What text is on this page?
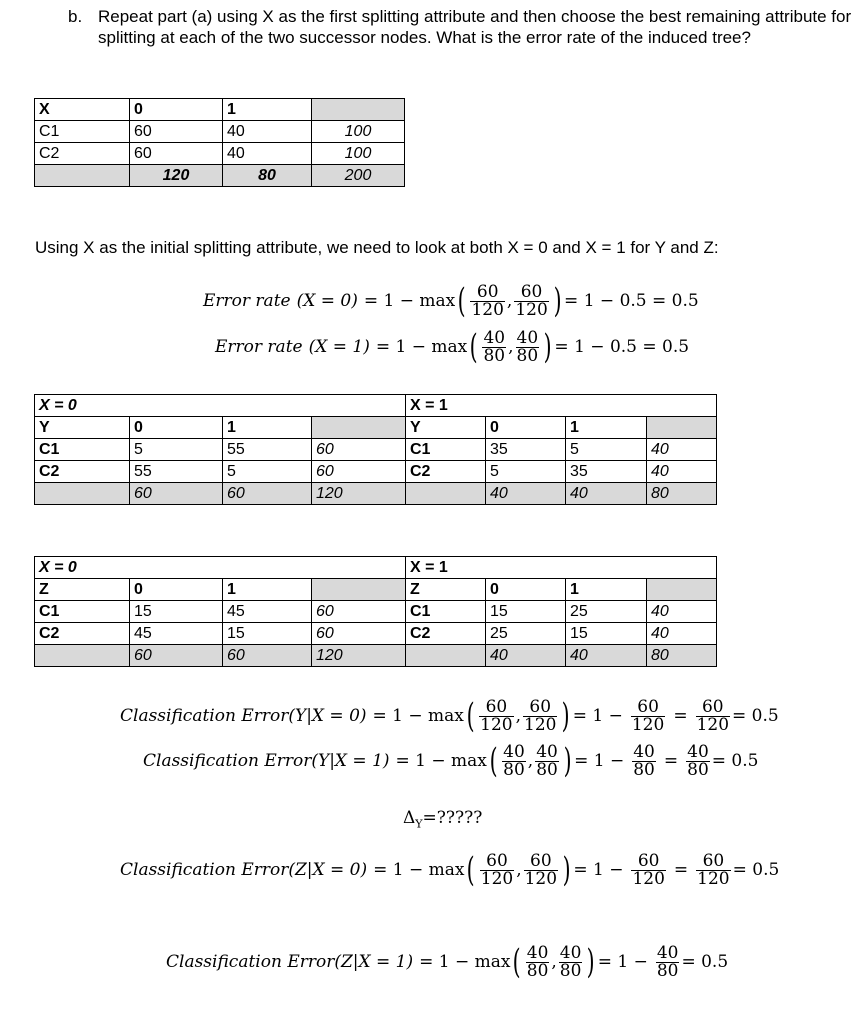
b. Repeat part (a) using X as the first splitting attribute and then choose the best remaining attribute for splitting at each of the two successor nodes. What is the error rate of the induced tree?
X	0	1	
C1	60	40	100
C2	60	40	100
	120	80	200
Using X as the initial splitting attribute, we need to look at both X = 0 and X = 1 for Y and Z:
Error rate (X = 0) = 1 − max ( $\frac{60}{120}$ , $\frac{60}{120}$ ) = 1 − 0.5 = 0.5
Error rate (X = 1) = 1 − max ( $\frac{40}{80}$ , $\frac{40}{80}$ ) = 1 − 0.5 = 0.5
X = 0				X = 1			
Y	0	1		Y	0	1	
C1	5	55	60	C1	35	5	40
C2	55	5	60	C2	5	35	40
	60	60	120		40	40	80
X = 0				X = 1			
Z	0	1		Z	0	1	
C1	15	45	60	C1	15	25	40
C2	45	15	60	C2	25	15	40
	60	60	120		40	40	80
Classification Error (Y|X = 0) = 1 − max ( $\frac{60}{120}$ , $\frac{60}{120}$ ) = $1 - \frac{60}{120} = \frac{60}{120} = 0.5$
Classification Error (Y|X = 1) = 1 − max ( $\frac{40}{80}$ , $\frac{40}{80}$ ) = $1 - \frac{40}{80} = \frac{40}{80} = 0.5$
$\Delta_Y=$?????
Classification Error (Z|X = 0) = 1 − max ( $\frac{60}{120}$ , $\frac{60}{120}$ ) = $1 - \frac{60}{120} = \frac{60}{120} = 0.5$
Classification Error (Z|X = 1) = 1 − max ( $\frac{40}{80}$ , $\frac{40}{80}$ ) = $1 - \frac{40}{80} = 0.5$
